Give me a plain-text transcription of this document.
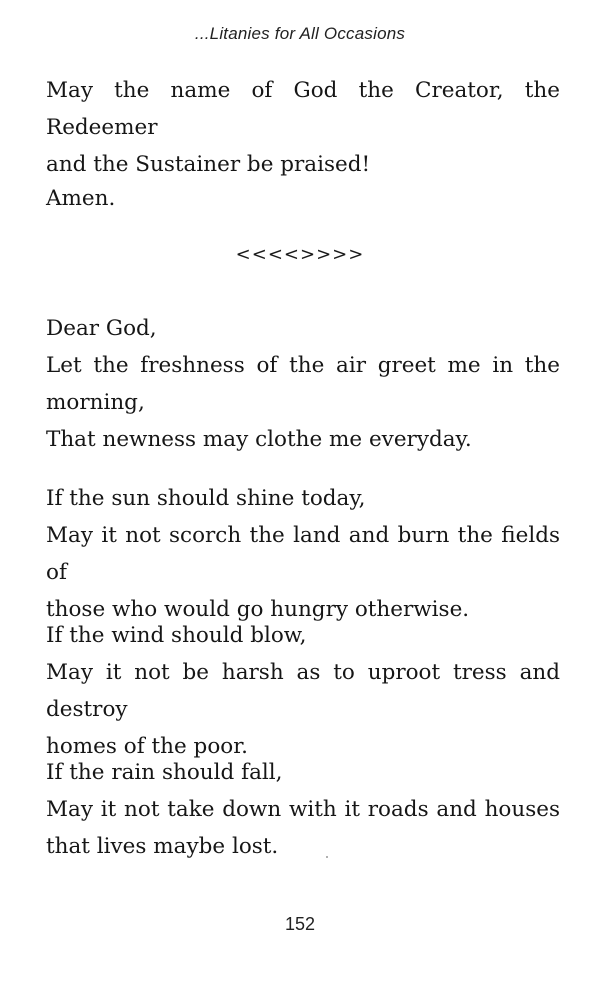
...Litanies for All Occasions
May the name of God the Creator, the Redeemer
and the Sustainer be praised!
Amen.
<<<<>>>>
Dear God,
Let the freshness of the air greet me in the
morning,
That newness may clothe me everyday.
If the sun should shine today,
May it not scorch the land and burn the fields of
those who would go hungry otherwise.
If the wind should blow,
May it not be harsh as to uproot tress and destroy
homes of the poor.
If the rain should fall,
May it not take down with it roads and houses
that lives maybe lost.
152
